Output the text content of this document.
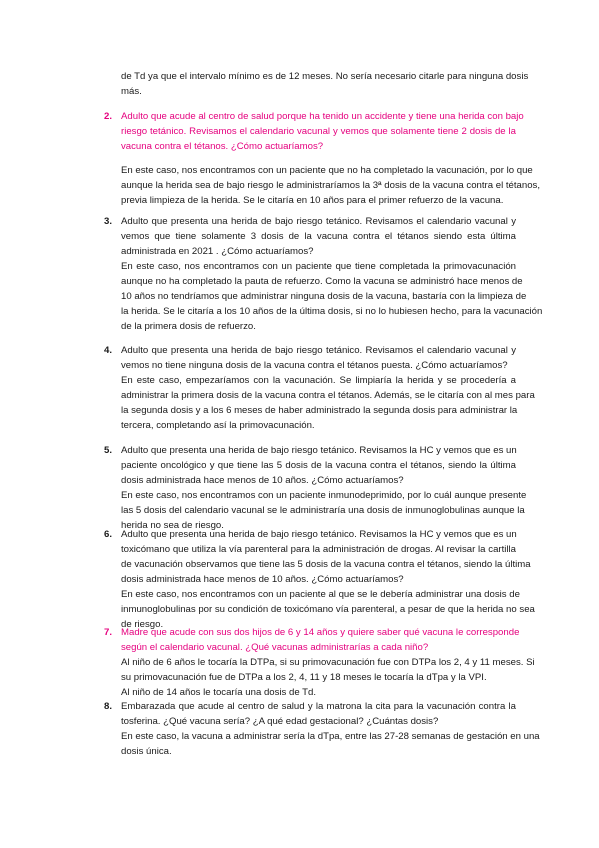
de Td ya que el intervalo mínimo es de 12 meses. No sería necesario citarle para ninguna dosis
más.
2. Adulto que acude al centro de salud porque ha tenido un accidente y tiene una herida con bajo
riesgo tetánico. Revisamos el calendario vacunal y vemos que solamente tiene 2 dosis de la
vacuna contra el tétanos. ¿Cómo actuaríamos?
En este caso, nos encontramos con un paciente que no ha completado la vacunación, por lo que
aunque la herida sea de bajo riesgo le administraríamos la 3ª dosis de la vacuna contra el tétanos,
previa limpieza de la herida. Se le citaría en 10 años para el primer refuerzo de la vacuna.
3. Adulto que presenta una herida de bajo riesgo tetánico. Revisamos el calendario vacunal y
vemos que tiene solamente 3 dosis de la vacuna contra el tétanos siendo esta última
administrada en 2021 . ¿Cómo actuaríamos?
En este caso, nos encontramos con un paciente que tiene completada la primovacunación
aunque no ha completado la pauta de refuerzo. Como la vacuna se administró hace menos de
10 años no tendríamos que administrar ninguna dosis de la vacuna, bastaría con la limpieza de
la herida. Se le citaría a los 10 años de la última dosis, si no lo hubiesen hecho, para la vacunación
de la primera dosis de refuerzo.
4. Adulto que presenta una herida de bajo riesgo tetánico. Revisamos el calendario vacunal y
vemos no tiene ninguna dosis de la vacuna contra el tétanos puesta. ¿Cómo actuaríamos?
En este caso, empezaríamos con la vacunación. Se limpiaría la herida y se procedería a
administrar la primera dosis de la vacuna contra el tétanos. Además, se le citaría con al mes para
la segunda dosis y a los 6 meses de haber administrado la segunda dosis para administrar la
tercera, completando así la primovacunación.
5. Adulto que presenta una herida de bajo riesgo tetánico. Revisamos la HC y vemos que es un
paciente oncológico y que tiene las 5 dosis de la vacuna contra el tétanos, siendo la última
dosis administrada hace menos de 10 años. ¿Cómo actuaríamos?
En este caso, nos encontramos con un paciente inmunodeprimido, por lo cuál aunque presente
las 5 dosis del calendario vacunal se le administraría una dosis de inmunoglobulinas aunque la
herida no sea de riesgo.
6. Adulto que presenta una herida de bajo riesgo tetánico. Revisamos la HC y vemos que es un
toxicómano que utiliza la vía parenteral para la administración de drogas. Al revisar la cartilla
de vacunación observamos que tiene las 5 dosis de la vacuna contra el tétanos, siendo la última
dosis administrada hace menos de 10 años. ¿Cómo actuaríamos?
En este caso, nos encontramos con un paciente al que se le debería administrar una dosis de
inmunoglobulinas por su condición de toxicómano vía parenteral, a pesar de que la herida no sea
de riesgo.
7. Madre que acude con sus dos hijos de 6 y 14 años y quiere saber qué vacuna le corresponde
según el calendario vacunal. ¿Qué vacunas administrarías a cada niño?
Al niño de 6 años le tocaría la DTPa, si su primovacunación fue con DTPa los 2, 4 y 11 meses. Si
su primovacunación fue de DTPa a los 2, 4, 11 y 18 meses le tocaría la dTpa y la VPI.
Al niño de 14 años le tocaría una dosis de Td.
8. Embarazada que acude al centro de salud y la matrona la cita para la vacunación contra la
tosferina. ¿Qué vacuna sería? ¿A qué edad gestacional? ¿Cuántas dosis?
En este caso, la vacuna a administrar sería la dTpa, entre las 27-28 semanas de gestación en una
dosis única.
